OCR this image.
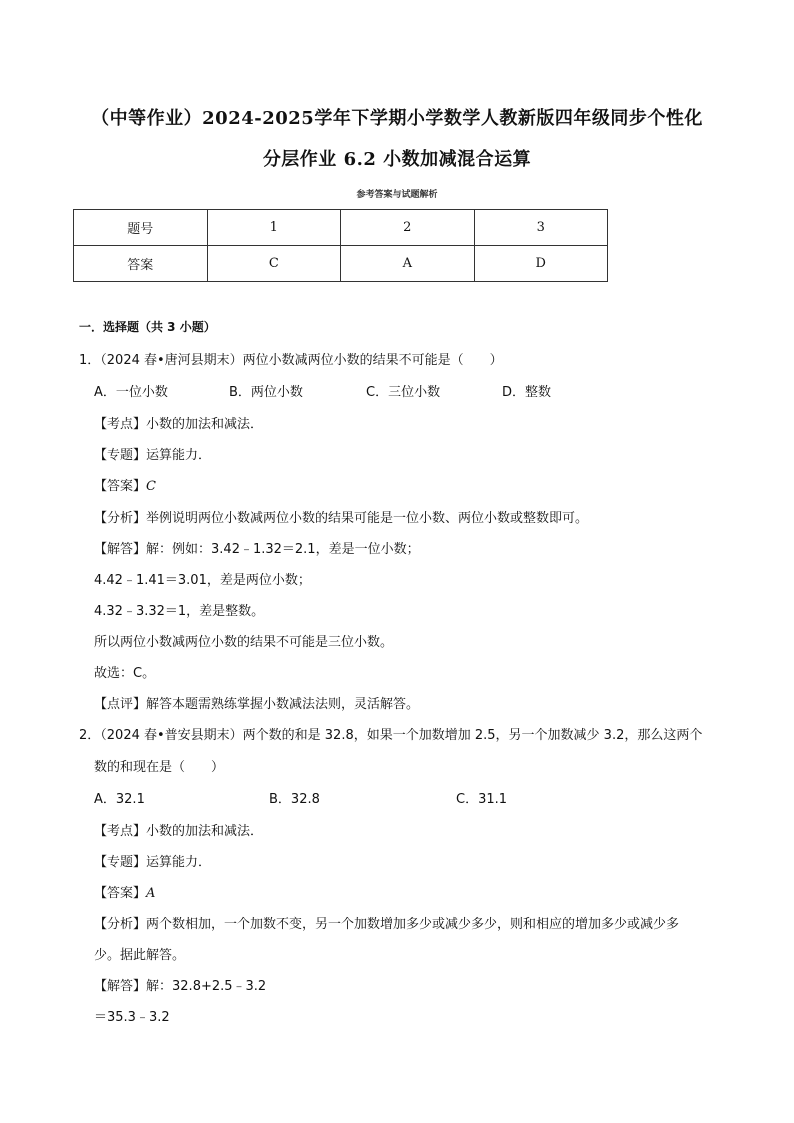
（中等作业）2024-2025学年下学期小学数学人教新版四年级同步个性化
分层作业 6.2 小数加减混合运算
参考答案与试题解析
题号	1	2	3
答案	C	A	D
一．选择题（共 3 小题）
1．（2024 春•唐河县期末）两位小数减两位小数的结果不可能是（　　）
A．一位小数	B．两位小数	C．三位小数	D．整数
【考点】小数的加法和减法．
【专题】运算能力．
【答案】C
【分析】举例说明两位小数减两位小数的结果可能是一位小数、两位小数或整数即可。
【解答】解：例如：3.42﹣1.32＝2.1，差是一位小数；
4.42﹣1.41＝3.01，差是两位小数；
4.32﹣3.32＝1，差是整数。
所以两位小数减两位小数的结果不可能是三位小数。
故选：C。
【点评】解答本题需熟练掌握小数减法法则，灵活解答。
2．（2024 春•普安县期末）两个数的和是 32.8，如果一个加数增加 2.5，另一个加数减少 3.2，那么这两个
数的和现在是（　　）
A．32.1	B．32.8	C．31.1
【考点】小数的加法和减法．
【专题】运算能力．
【答案】A
【分析】两个数相加，一个加数不变，另一个加数增加多少或减少多少，则和相应的增加多少或减少多
少。据此解答。
【解答】解：32.8+2.5﹣3.2
＝35.3﹣3.2
